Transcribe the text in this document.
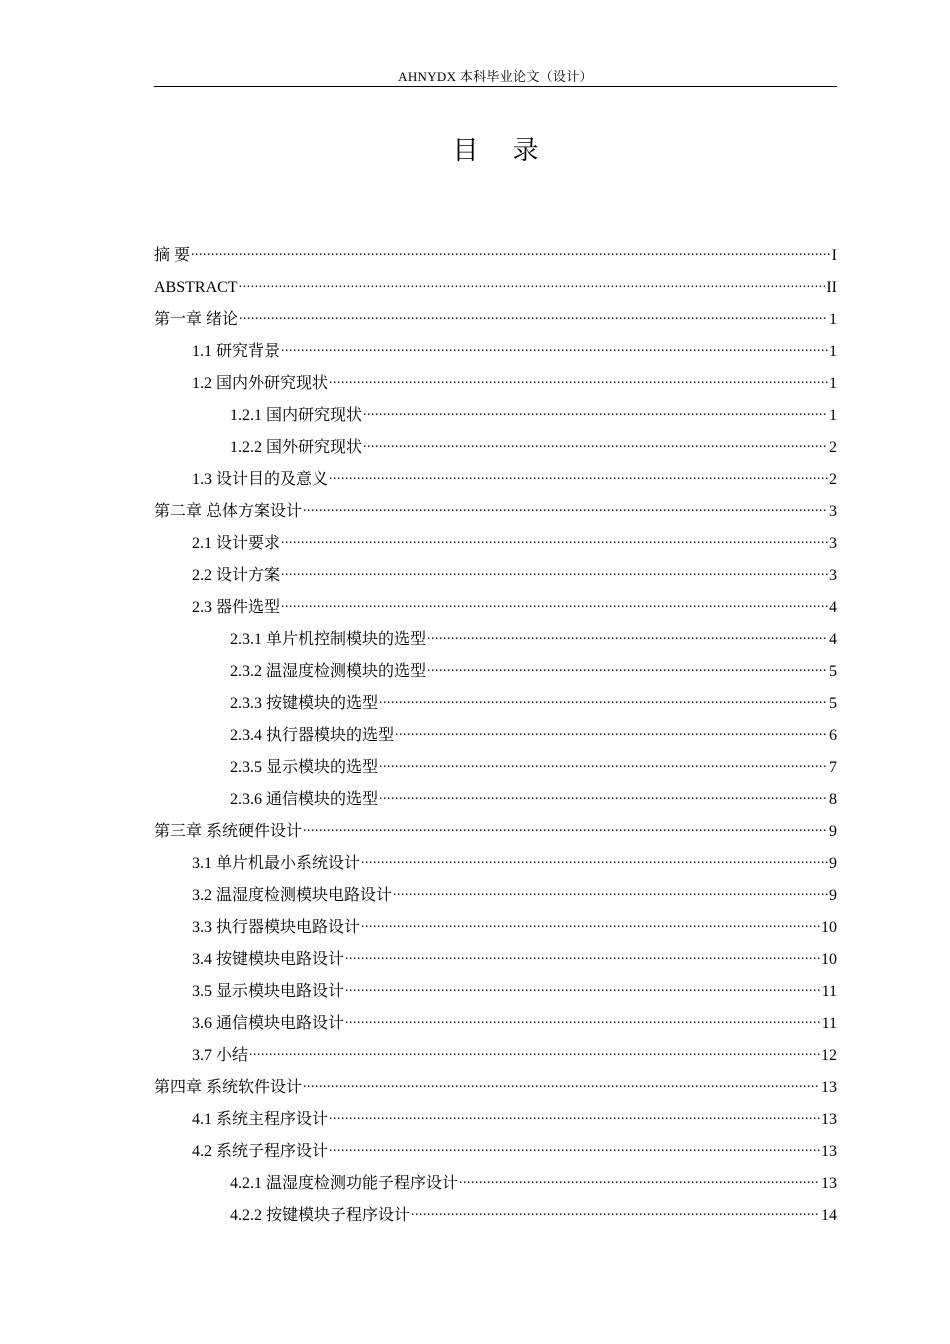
AHNYDX 本科毕业论文（设计）
目录
摘 要 .....	I
ABSTRACT .....	II
第一章 绪论 .....	1
1.1 研究背景 .....	1
1.2 国内外研究现状 .....	1
1.2.1 国内研究现状 .....	1
1.2.2 国外研究现状 .....	2
1.3 设计目的及意义 .....	2
第二章 总体方案设计 .....	3
2.1 设计要求 .....	3
2.2 设计方案 .....	3
2.3 器件选型 .....	4
2.3.1 单片机控制模块的选型 .....	4
2.3.2 温湿度检测模块的选型 .....	5
2.3.3 按键模块的选型 .....	5
2.3.4 执行器模块的选型 .....	6
2.3.5 显示模块的选型 .....	7
2.3.6 通信模块的选型 .....	8
第三章 系统硬件设计 .....	9
3.1 单片机最小系统设计 .....	9
3.2 温湿度检测模块电路设计 .....	9
3.3 执行器模块电路设计 .....	10
3.4 按键模块电路设计 .....	10
3.5 显示模块电路设计 .....	11
3.6 通信模块电路设计 .....	11
3.7 小结 .....	12
第四章 系统软件设计 .....	13
4.1 系统主程序设计 .....	13
4.2 系统子程序设计 .....	13
4.2.1 温湿度检测功能子程序设计 .....	13
4.2.2 按键模块子程序设计 .....	14
